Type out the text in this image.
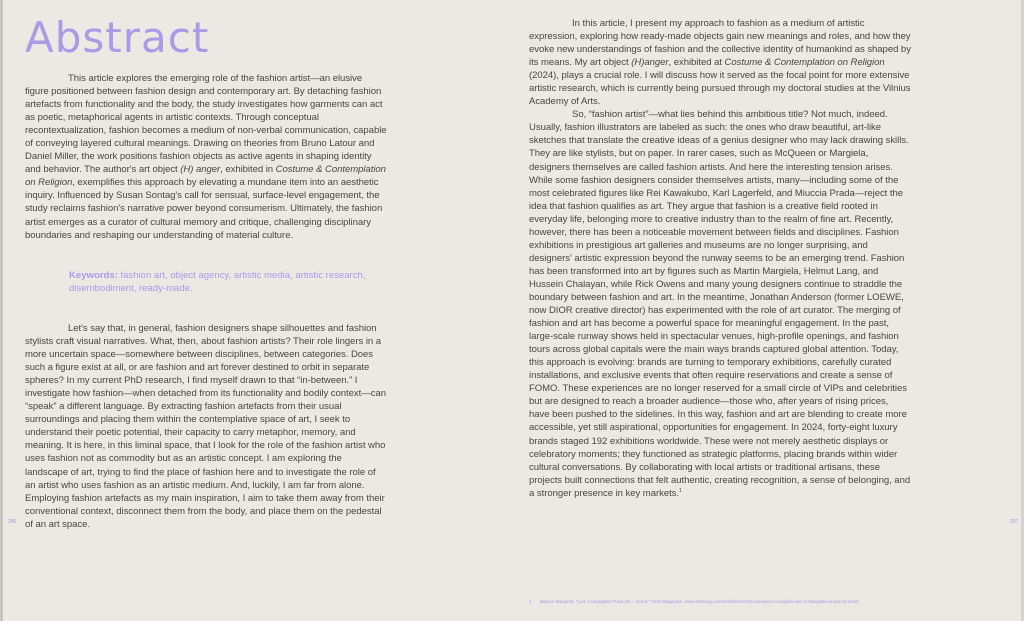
Abstract

This article explores the emerging role of the fashion artist—an elusive figure positioned between fashion design and contemporary art. By detaching fashion artefacts from functionality and the body, the study investigates how garments can act as poetic, metaphorical agents in artistic contexts. Through conceptual recontextualization, fashion becomes a medium of non-verbal communication, capable of conveying layered cultural meanings. Drawing on theories from Bruno Latour and Daniel Miller, the work positions fashion objects as active agents in shaping identity and behavior. The author's art object (H) anger, exhibited in Costume & Contemplation on Religion, exemplifies this approach by elevating a mundane item into an aesthetic inquiry. Influenced by Susan Sontag's call for sensual, surface-level engagement, the study reclaims fashion's narrative power beyond consumerism. Ultimately, the fashion artist emerges as a curator of cultural memory and critique, challenging disciplinary boundaries and reshaping our understanding of material culture.

Keywords: fashion art, object agency, artistic media, artistic research, disembodiment, ready-made.

Let's say that, in general, fashion designers shape silhouettes and fashion stylists craft visual narratives. What, then, about fashion artists? Their role lingers in a more uncertain space—somewhere between disciplines, between categories. Does such a figure exist at all, or are fashion and art forever destined to orbit in separate spheres? In my current PhD research, I find myself drawn to that “in-between.” I investigate how fashion—when detached from its functionality and bodily context—can “speak” a different language. By extracting fashion artefacts from their usual surroundings and placing them within the contemplative space of art, I seek to understand their poetic potential, their capacity to carry metaphor, memory, and meaning. It is here, in this liminal space, that I look for the role of the fashion artist who uses fashion not as commodity but as an artistic concept. I am exploring the landscape of art, trying to find the place of fashion here and to investigate the role of an artist who uses fashion as an artistic medium. And, luckily, I am far from alone. Employing fashion artefacts as my main inspiration, I aim to take them away from their conventional context, disconnect them from the body, and place them on the pedestal of an art space.

286

In this article, I present my approach to fashion as a medium of artistic expression, exploring how ready-made objects gain new meanings and roles, and how they evoke new understandings of fashion and the collective identity of humankind as shaped by its means. My art object (H)anger, exhibited at Costume & Contemplation on Religion (2024), plays a crucial role. I will discuss how it served as the focal point for more extensive artistic research, which is currently being pursued through my doctoral studies at the Vilnius Academy of Arts.

So, “fashion artist”—what lies behind this ambitious title? Not much, indeed. Usually, fashion illustrators are labeled as such: the ones who draw beautiful, art-like sketches that translate the creative ideas of a genius designer who may lack drawing skills. They are like stylists, but on paper. In rarer cases, such as McQueen or Margiela, designers themselves are called fashion artists. And here the interesting tension arises. While some fashion designers consider themselves artists, many—including some of the most celebrated figures like Rei Kawakubo, Karl Lagerfeld, and Miuccia Prada—reject the idea that fashion qualifies as art. They argue that fashion is a creative field rooted in everyday life, belonging more to creative industry than to the realm of fine art. Recently, however, there has been a noticeable movement between fields and disciplines. Fashion exhibitions in prestigious art galleries and museums are no longer surprising, and designers' artistic expression beyond the runway seems to be an emerging trend. Fashion has been transformed into art by figures such as Martin Margiela, Helmut Lang, and Hussein Chalayan, while Rick Owens and many young designers continue to straddle the boundary between fashion and art. In the meantime, Jonathan Anderson (former LOEWE, now DIOR creative director) has experimented with the role of art curator. The merging of fashion and art has become a powerful space for meaningful engagement. In the past, large-scale runway shows held in spectacular venues, high-profile openings, and fashion tours across global capitals were the main ways brands captured global attention. Today, this approach is evolving: brands are turning to temporary exhibitions, carefully curated installations, and exclusive events that often require reservations and create a sense of FOMO. These experiences are no longer reserved for a small circle of VIPs and celebrities but are designed to reach a broader audience—those who, after years of rising prices, have been pushed to the sidelines. In this way, fashion and art are blending to create more accessible, yet still aspirational, opportunities for engagement. In 2024, forty-eight luxury brands staged 192 exhibitions worldwide. These were not merely aesthetic displays or celebratory moments; they functioned as strategic platforms, placing brands within wider cultural conversations. By collaborating with local artists or traditional artisans, these projects built connections that felt authentic, creating recognition, a sense of belonging, and a stronger presence in key markets.$^1$

287
1 Maison Margiela, “Line 3 Intangible Products – Scent,” NSS Magazine, www.nssmag.com/en/fashion/42114/maison-margiela-line-3-intangible-products-scent.
